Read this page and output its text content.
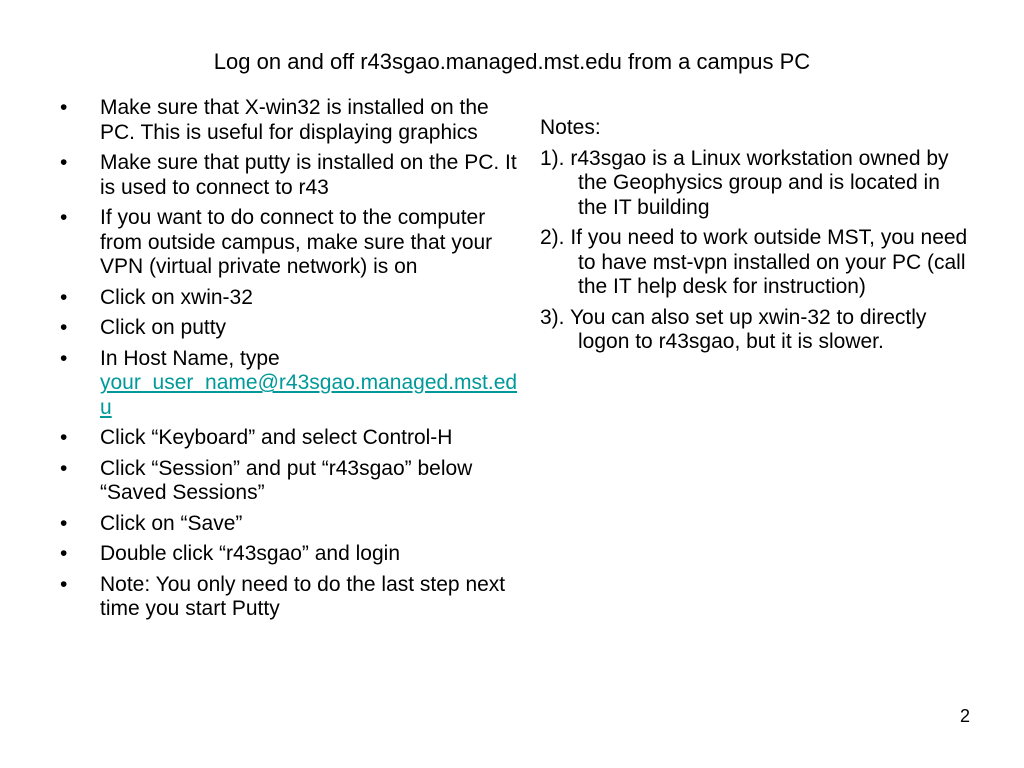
Log on and off r43sgao.managed.mst.edu from a campus PC
•	Make sure that X-win32 is installed on the PC. This is useful for displaying graphics
•	Make sure that putty is installed on the PC. It is used to connect to r43
•	If you want to do connect to the computer from outside campus, make sure that your VPN (virtual private network) is on
•	Click on xwin-32
•	Click on putty
•	In Host Name, type
your_user_name@r43sgao.managed.mst.edu
•	Click “Keyboard” and select Control-H
•	Click “Session” and put “r43sgao” below “Saved Sessions”
•	Click on “Save”
•	Double click “r43sgao” and login
•	Note: You only need to do the last step next time you start Putty
Notes:
1). r43sgao is a Linux workstation owned by the Geophysics group and is located in the IT building
2). If you need to work outside MST, you need to have mst-vpn installed on your PC (call the IT help desk for instruction)
3). You can also set up xwin-32 to directly logon to r43sgao, but it is slower.
2
